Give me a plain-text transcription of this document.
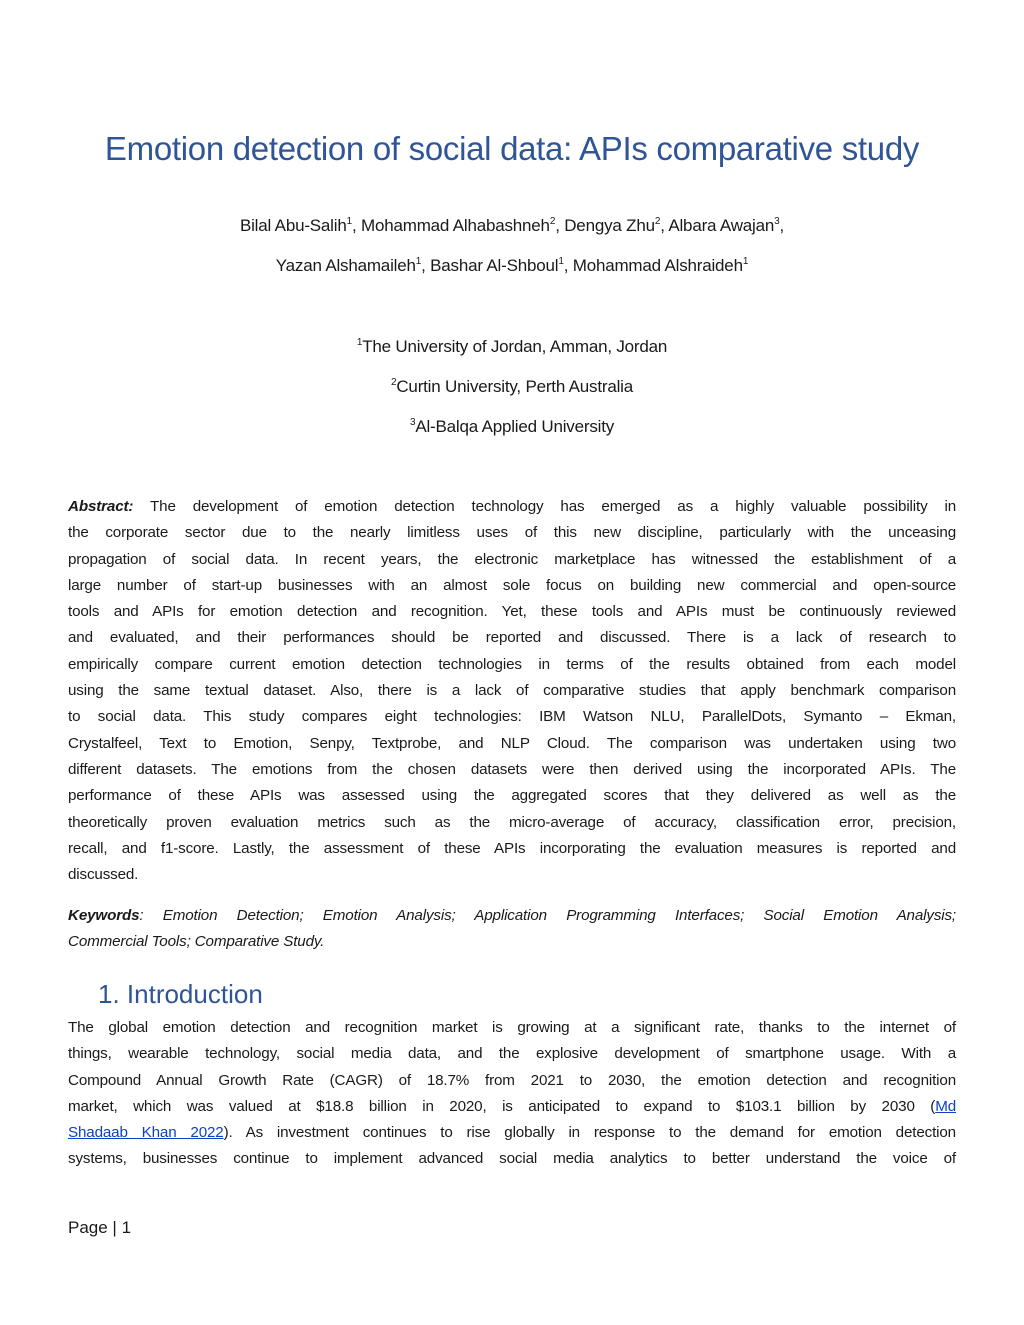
Emotion detection of social data: APIs comparative study
Bilal Abu-Salih$^1$, Mohammad Alhabashneh$^2$, Dengya Zhu$^2$, Albara Awajan$^3$,
Yazan Alshamaileh$^1$, Bashar Al-Shboul$^1$, Mohammad Alshraideh$^1$
$^1$The University of Jordan, Amman, Jordan
$^2$Curtin University, Perth Australia
$^3$Al-Balqa Applied University
Abstract: The development of emotion detection technology has emerged as a highly valuable possibility in
the corporate sector due to the nearly limitless uses of this new discipline, particularly with the unceasing
propagation of social data. In recent years, the electronic marketplace has witnessed the establishment of a
large number of start-up businesses with an almost sole focus on building new commercial and open-source
tools and APIs for emotion detection and recognition. Yet, these tools and APIs must be continuously reviewed
and evaluated, and their performances should be reported and discussed. There is a lack of research to
empirically compare current emotion detection technologies in terms of the results obtained from each model
using the same textual dataset. Also, there is a lack of comparative studies that apply benchmark comparison
to social data. This study compares eight technologies: IBM Watson NLU, ParallelDots, Symanto – Ekman,
Crystalfeel, Text to Emotion, Senpy, Textprobe, and NLP Cloud. The comparison was undertaken using two
different datasets. The emotions from the chosen datasets were then derived using the incorporated APIs. The
performance of these APIs was assessed using the aggregated scores that they delivered as well as the
theoretically proven evaluation metrics such as the micro-average of accuracy, classification error, precision,
recall, and f1-score. Lastly, the assessment of these APIs incorporating the evaluation measures is reported and
discussed.
Keywords: Emotion Detection; Emotion Analysis; Application Programming Interfaces; Social Emotion Analysis;
Commercial Tools; Comparative Study.
1. Introduction
The global emotion detection and recognition market is growing at a significant rate, thanks to the internet of
things, wearable technology, social media data, and the explosive development of smartphone usage. With a
Compound Annual Growth Rate (CAGR) of 18.7% from 2021 to 2030, the emotion detection and recognition
market, which was valued at $18.8 billion in 2020, is anticipated to expand to $103.1 billion by 2030 (Md
Shadaab Khan 2022). As investment continues to rise globally in response to the demand for emotion detection
systems, businesses continue to implement advanced social media analytics to better understand the voice of
Page | 1
